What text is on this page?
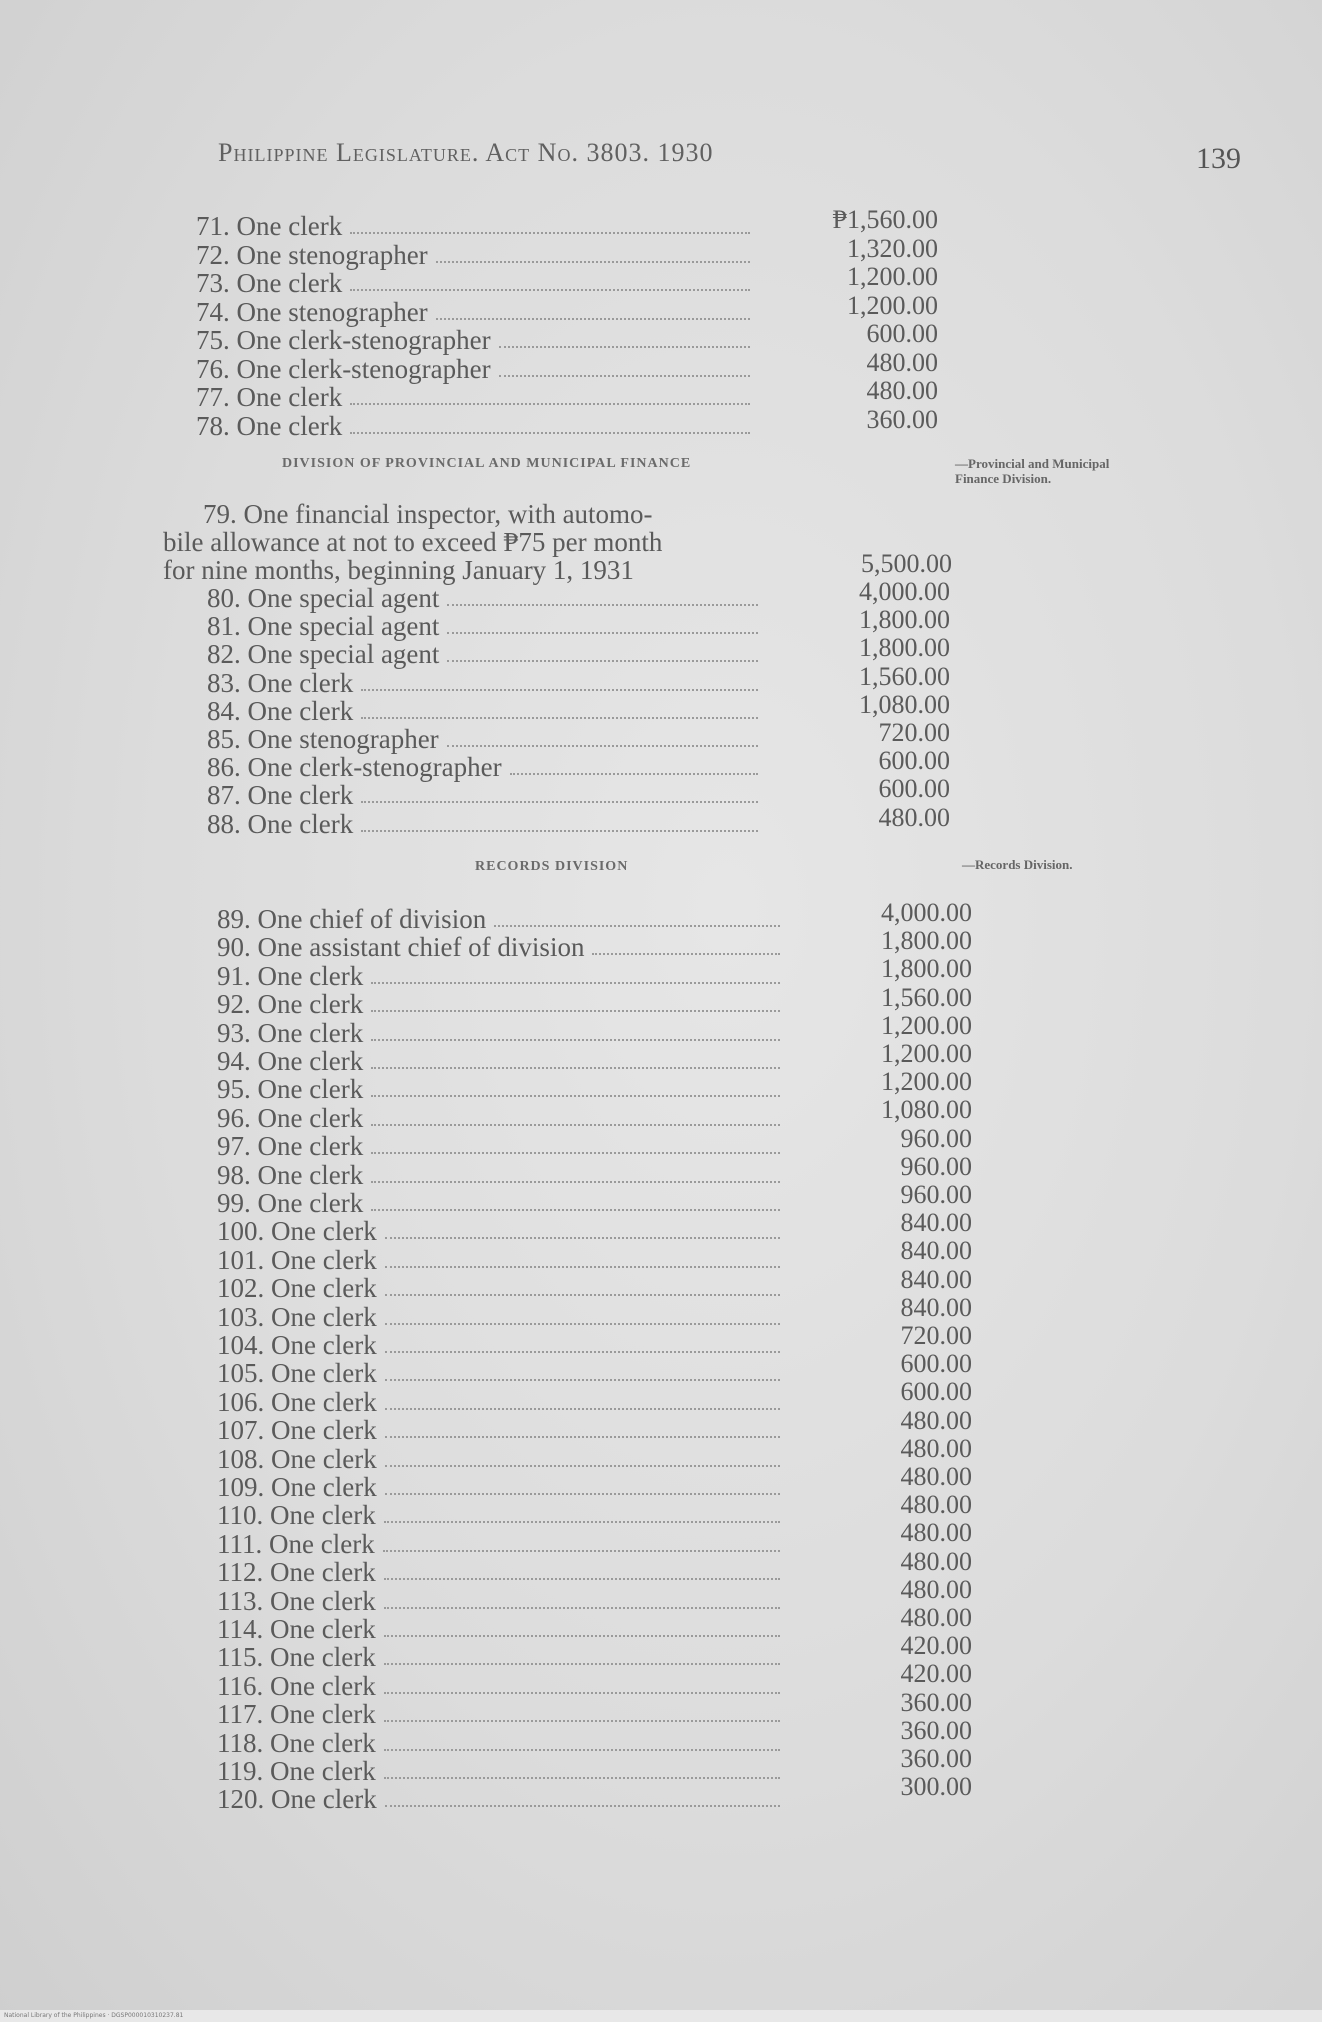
Philippine Legislature. Act No. 3803. 1930	139
71. One clerk	₱1,560.00
72. One stenographer	1,320.00
73. One clerk	1,200.00
74. One stenographer	1,200.00
75. One clerk-stenographer	600.00
76. One clerk-stenographer	480.00
77. One clerk	480.00
78. One clerk	360.00
DIVISION OF PROVINCIAL AND MUNICIPAL FINANCE	—Provincial and Municipal Finance Division.
79. One financial inspector, with automo-
bile allowance at not to exceed ₱75 per month
for nine months, beginning January 1, 1931	5,500.00
80. One special agent	4,000.00
81. One special agent	1,800.00
82. One special agent	1,800.00
83. One clerk	1,560.00
84. One clerk	1,080.00
85. One stenographer	720.00
86. One clerk-stenographer	600.00
87. One clerk	600.00
88. One clerk	480.00
RECORDS DIVISION	—Records Division.
89. One chief of division	4,000.00
90. One assistant chief of division	1,800.00
91. One clerk	1,800.00
92. One clerk	1,560.00
93. One clerk	1,200.00
94. One clerk	1,200.00
95. One clerk	1,200.00
96. One clerk	1,080.00
97. One clerk	960.00
98. One clerk	960.00
99. One clerk	960.00
100. One clerk	840.00
101. One clerk	840.00
102. One clerk	840.00
103. One clerk	840.00
104. One clerk	720.00
105. One clerk	600.00
106. One clerk	600.00
107. One clerk	480.00
108. One clerk	480.00
109. One clerk	480.00
110. One clerk	480.00
111. One clerk	480.00
112. One clerk	480.00
113. One clerk	480.00
114. One clerk	480.00
115. One clerk	420.00
116. One clerk	420.00
117. One clerk	360.00
118. One clerk	360.00
119. One clerk	360.00
120. One clerk	300.00
National Library of the Philippines · DGSP000010310237.81
